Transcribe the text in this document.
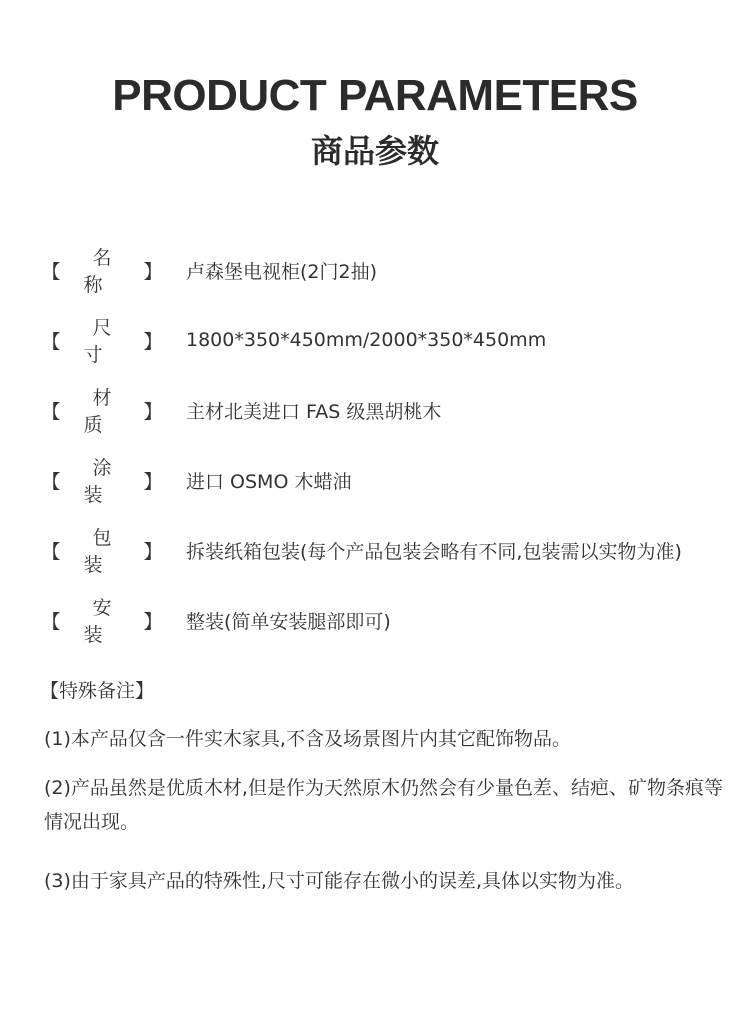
PRODUCT PARAMETERS
商品参数
【
名称
】 卢森堡电视柜(2门2抽)
【
尺寸
】 1800*350*450mm/2000*350*450mm
【
材质
】 主材北美进口 FAS 级黑胡桃木
【
涂装
】 进口 OSMO 木蜡油
【
包装
】 拆装纸箱包装(每个产品包装会略有不同,包装需以实物为准)
【
安装
】 整装(简单安装腿部即可)
【特殊备注】
(1)本产品仅含一件实木家具,不含及场景图片内其它配饰物品。
(2)产品虽然是优质木材,但是作为天然原木仍然会有少量色差、结疤、矿物条痕等情况出现。
(3)由于家具产品的特殊性,尺寸可能存在微小的误差,具体以实物为准。
